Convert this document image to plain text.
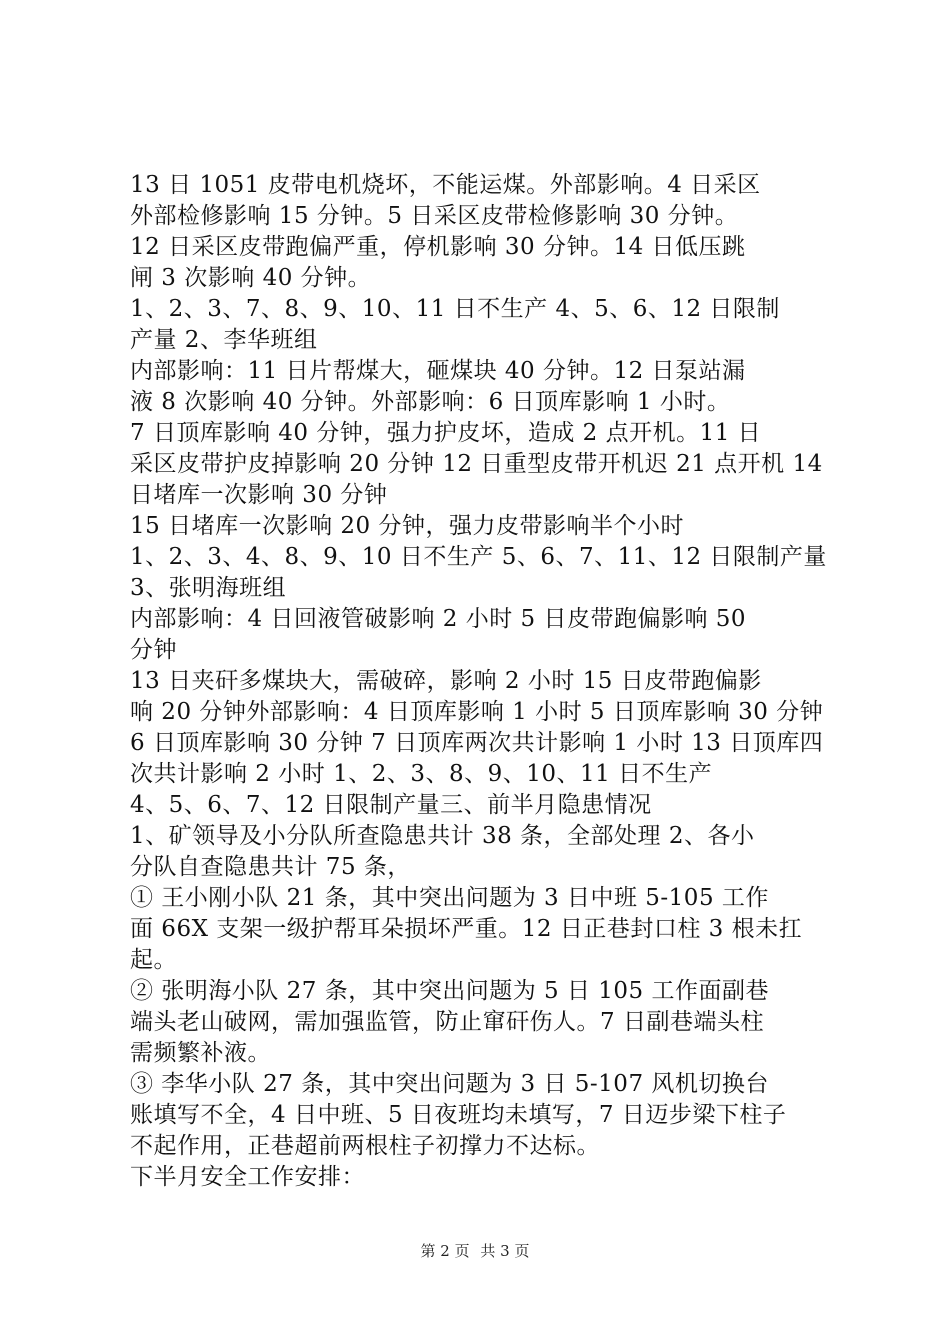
13 日 1051 皮带电机烧坏，不能运煤。外部影响。4 日采区
外部检修影响 15 分钟。5 日采区皮带检修影响 30 分钟。
12 日采区皮带跑偏严重，停机影响 30 分钟。14 日低压跳
闸 3 次影响 40 分钟。
1、2、3、7、8、9、10、11 日不生产 4、5、6、12 日限制
产量 2、李华班组
内部影响：11 日片帮煤大，砸煤块 40 分钟。12 日泵站漏
液 8 次影响 40 分钟。外部影响：6 日顶库影响 1 小时。
7 日顶库影响 40 分钟，强力护皮坏，造成 2 点开机。11 日
采区皮带护皮掉影响 20 分钟 12 日重型皮带开机迟 21 点开机 14
日堵库一次影响 30 分钟
15 日堵库一次影响 20 分钟，强力皮带影响半个小时
1、2、3、4、8、9、10 日不生产 5、6、7、11、12 日限制产量
3、张明海班组
内部影响：4 日回液管破影响 2 小时 5 日皮带跑偏影响 50
分钟
13 日夹矸多煤块大，需破碎，影响 2 小时 15 日皮带跑偏影
响 20 分钟外部影响：4 日顶库影响 1 小时 5 日顶库影响 30 分钟
6 日顶库影响 30 分钟 7 日顶库两次共计影响 1 小时 13 日顶库四
次共计影响 2 小时 1、2、3、8、9、10、11 日不生产
4、5、6、7、12 日限制产量三、前半月隐患情况
1、矿领导及小分队所查隐患共计 38 条，全部处理 2、各小
分队自查隐患共计 75 条，
① 王小刚小队 21 条，其中突出问题为 3 日中班 5-105 工作
面 66X 支架一级护帮耳朵损坏严重。12 日正巷封口柱 3 根未扛
起。
② 张明海小队 27 条，其中突出问题为 5 日 105 工作面副巷
端头老山破网，需加强监管，防止窜矸伤人。7 日副巷端头柱
需频繁补液。
③ 李华小队 27 条，其中突出问题为 3 日 5-107 风机切换台
账填写不全，4 日中班、5 日夜班均未填写，7 日迈步梁下柱子
不起作用，正巷超前两根柱子初撑力不达标。
下半月安全工作安排：
第 2 页 共 3 页
